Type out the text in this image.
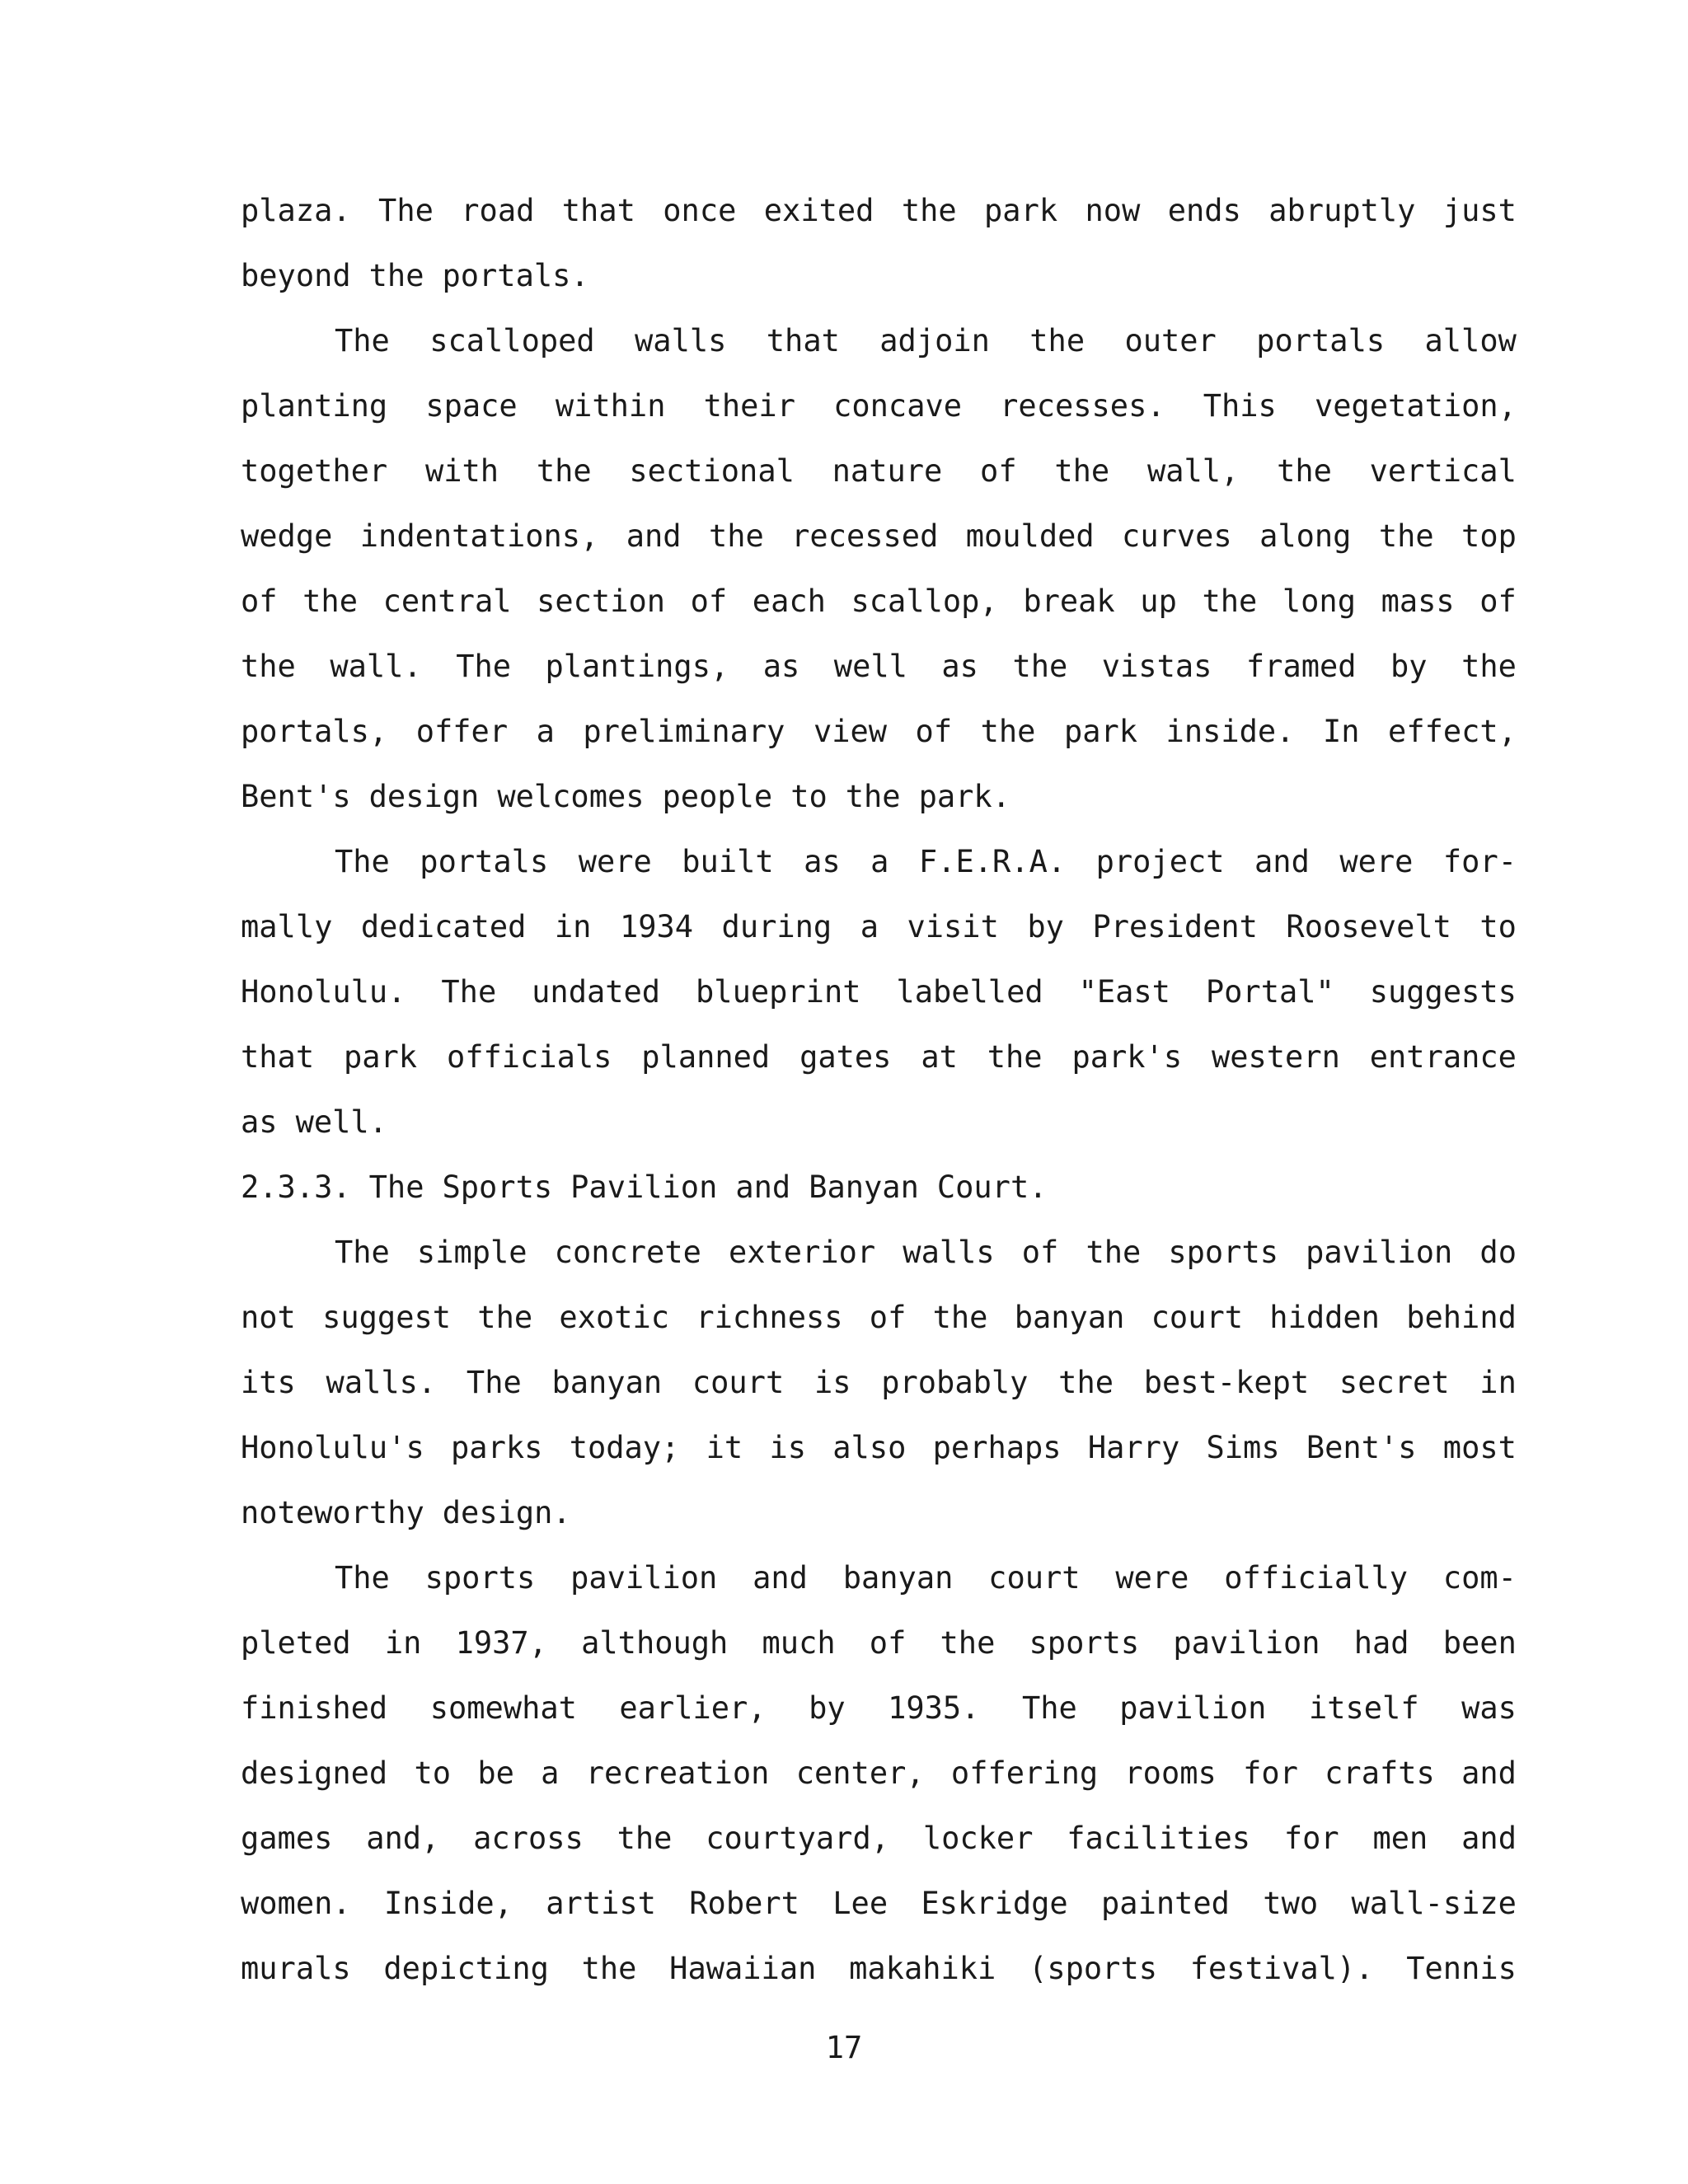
plaza. The road that once exited the park now ends abruptly just
beyond the portals.
The scalloped walls that adjoin the outer portals allow
planting space within their concave recesses. This vegetation,
together with the sectional nature of the wall, the vertical
wedge indentations, and the recessed moulded curves along the top
of the central section of each scallop, break up the long mass of
the wall. The plantings, as well as the vistas framed by the
portals, offer a preliminary view of the park inside. In effect,
Bent's design welcomes people to the park.
The portals were built as a F.E.R.A. project and were for-
mally dedicated in 1934 during a visit by President Roosevelt to
Honolulu. The undated blueprint labelled "East Portal" suggests
that park officials planned gates at the park's western entrance
as well.
2.3.3. The Sports Pavilion and Banyan Court.
The simple concrete exterior walls of the sports pavilion do
not suggest the exotic richness of the banyan court hidden behind
its walls. The banyan court is probably the best-kept secret in
Honolulu's parks today; it is also perhaps Harry Sims Bent's most
noteworthy design.
The sports pavilion and banyan court were officially com-
pleted in 1937, although much of the sports pavilion had been
finished somewhat earlier, by 1935. The pavilion itself was
designed to be a recreation center, offering rooms for crafts and
games and, across the courtyard, locker facilities for men and
women. Inside, artist Robert Lee Eskridge painted two wall-size
murals depicting the Hawaiian makahiki (sports festival). Tennis
17
